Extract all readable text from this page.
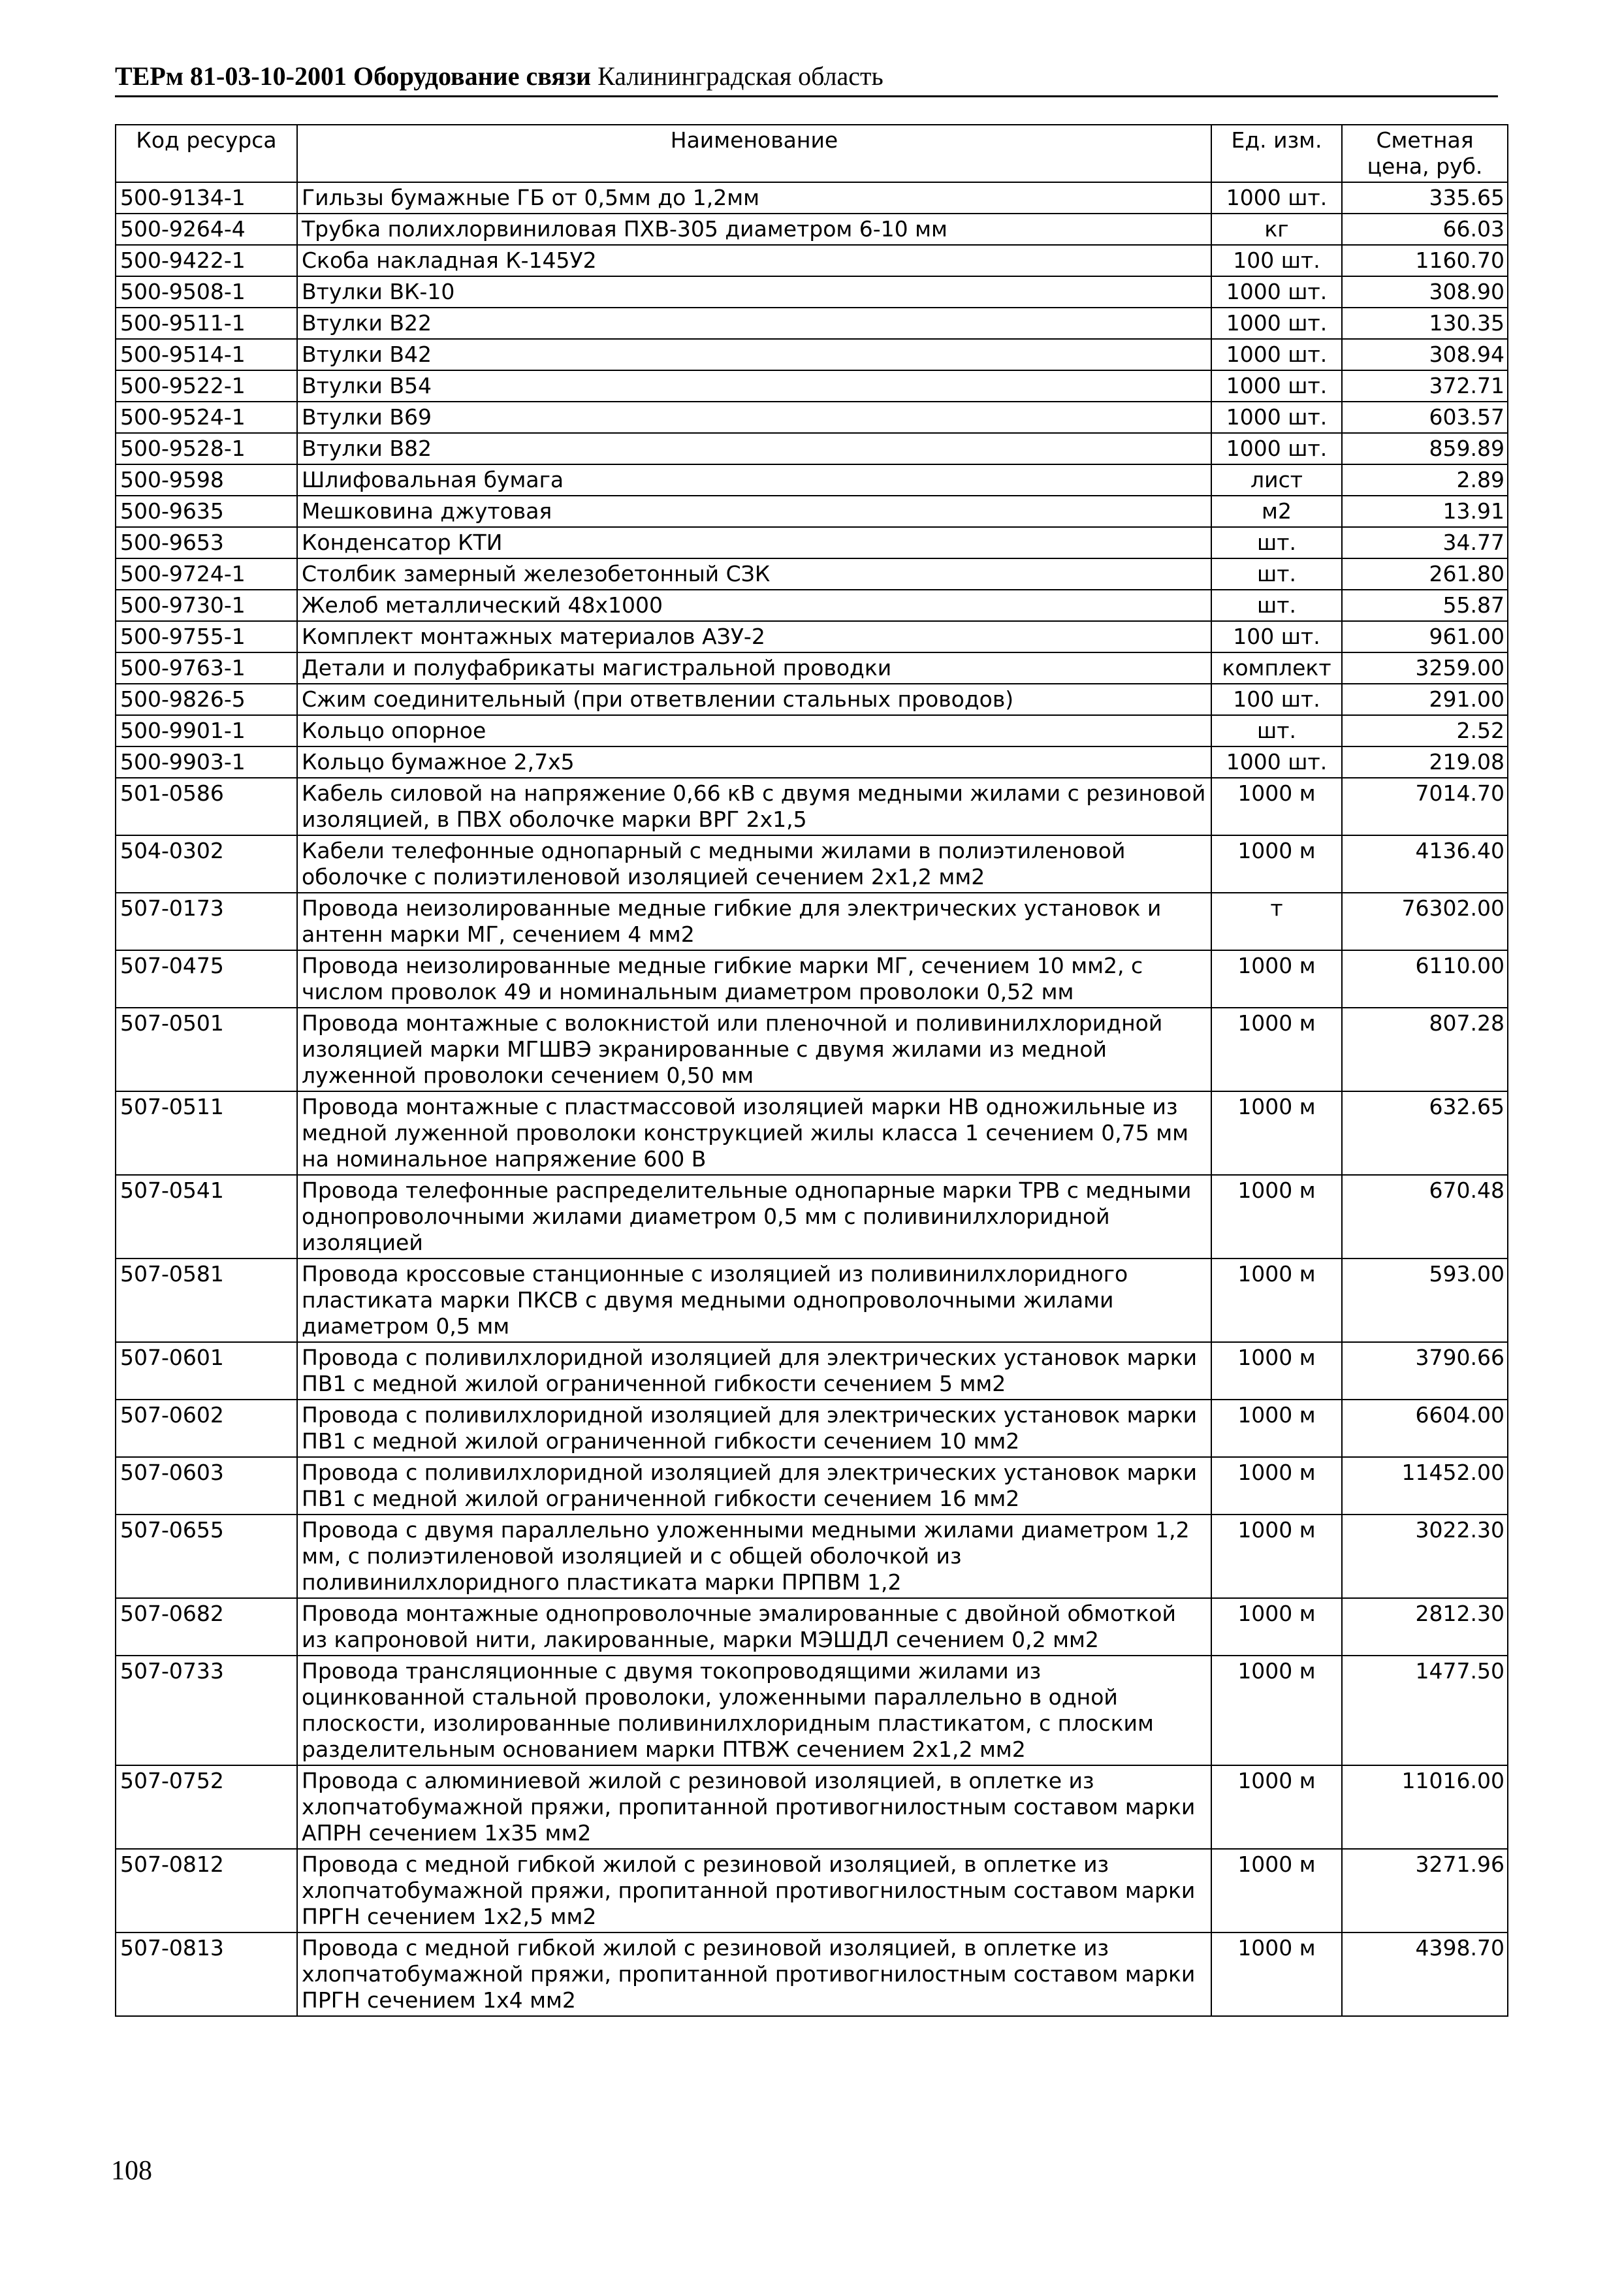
ТЕРм 81-03-10-2001 Оборудование связи Калининградская область
Код ресурса	Наименование	Ед. изм.	Сметная цена, руб.
500-9134-1	Гильзы бумажные ГБ от 0,5мм до 1,2мм	1000 шт.	335.65
500-9264-4	Трубка полихлорвиниловая ПХВ-305 диаметром 6-10 мм	кг	66.03
500-9422-1	Скоба накладная К-145У2	100 шт.	1160.70
500-9508-1	Втулки ВК-10	1000 шт.	308.90
500-9511-1	Втулки В22	1000 шт.	130.35
500-9514-1	Втулки В42	1000 шт.	308.94
500-9522-1	Втулки В54	1000 шт.	372.71
500-9524-1	Втулки В69	1000 шт.	603.57
500-9528-1	Втулки В82	1000 шт.	859.89
500-9598	Шлифовальная бумага	лист	2.89
500-9635	Мешковина джутовая	м2	13.91
500-9653	Конденсатор КТИ	шт.	34.77
500-9724-1	Столбик замерный железобетонный СЗК	шт.	261.80
500-9730-1	Желоб металлический 48х1000	шт.	55.87
500-9755-1	Комплект монтажных материалов АЗУ-2	100 шт.	961.00
500-9763-1	Детали и полуфабрикаты магистральной проводки	комплект	3259.00
500-9826-5	Сжим соединительный (при ответвлении стальных проводов)	100 шт.	291.00
500-9901-1	Кольцо опорное	шт.	2.52
500-9903-1	Кольцо бумажное 2,7х5	1000 шт.	219.08
501-0586	Кабель силовой на напряжение 0,66 кВ с двумя медными жилами с резиновой изоляцией, в ПВХ оболочке марки ВРГ 2х1,5	1000 м	7014.70
504-0302	Кабели телефонные однопарный с медными жилами в полиэтиленовой оболочке с полиэтиленовой изоляцией сечением 2х1,2 мм2	1000 м	4136.40
507-0173	Провода неизолированные медные гибкие для электрических установок и антенн марки МГ, сечением 4 мм2	т	76302.00
507-0475	Провода неизолированные медные гибкие марки МГ, сечением 10 мм2, с числом проволок 49 и номинальным диаметром проволоки 0,52 мм	1000 м	6110.00
507-0501	Провода монтажные с волокнистой или пленочной и поливинилхлоридной изоляцией марки МГШВЭ экранированные с двумя жилами из медной луженной проволоки сечением 0,50 мм	1000 м	807.28
507-0511	Провода монтажные с пластмассовой изоляцией марки НВ одножильные из медной луженной проволоки конструкцией жилы класса 1 сечением 0,75 мм на номинальное напряжение 600 В	1000 м	632.65
507-0541	Провода телефонные распределительные однопарные марки ТРВ с медными однопроволочными жилами диаметром 0,5 мм с поливинилхлоридной изоляцией	1000 м	670.48
507-0581	Провода кроссовые станционные с изоляцией из поливинилхлоридного пластиката марки ПКСВ с двумя медными однопроволочными жилами диаметром 0,5 мм	1000 м	593.00
507-0601	Провода с поливилхлоридной изоляцией для электрических установок марки ПВ1 с медной жилой ограниченной гибкости сечением 5 мм2	1000 м	3790.66
507-0602	Провода с поливилхлоридной изоляцией для электрических установок марки ПВ1 с медной жилой ограниченной гибкости сечением 10 мм2	1000 м	6604.00
507-0603	Провода с поливилхлоридной изоляцией для электрических установок марки ПВ1 с медной жилой ограниченной гибкости сечением 16 мм2	1000 м	11452.00
507-0655	Провода с двумя параллельно уложенными медными жилами диаметром 1,2 мм, с полиэтиленовой изоляцией и с общей оболочкой из поливинилхлоридного пластиката марки ПРПВМ 1,2	1000 м	3022.30
507-0682	Провода монтажные однопроволочные эмалированные с двойной обмоткой из капроновой нити, лакированные, марки МЭШДЛ сечением 0,2 мм2	1000 м	2812.30
507-0733	Провода трансляционные с двумя токопроводящими жилами из оцинкованной стальной проволоки, уложенными параллельно в одной плоскости, изолированные поливинилхлоридным пластикатом, с плоским разделительным основанием марки ПТВЖ сечением 2х1,2 мм2	1000 м	1477.50
507-0752	Провода с алюминиевой жилой с резиновой изоляцией, в оплетке из хлопчатобумажной пряжи, пропитанной противогнилостным составом марки АПРН сечением 1х35 мм2	1000 м	11016.00
507-0812	Провода с медной гибкой жилой с резиновой изоляцией, в оплетке из хлопчатобумажной пряжи, пропитанной противогнилостным составом марки ПРГН сечением 1х2,5 мм2	1000 м	3271.96
507-0813	Провода с медной гибкой жилой с резиновой изоляцией, в оплетке из хлопчатобумажной пряжи, пропитанной противогнилостным составом марки ПРГН сечением 1х4 мм2	1000 м	4398.70
108
